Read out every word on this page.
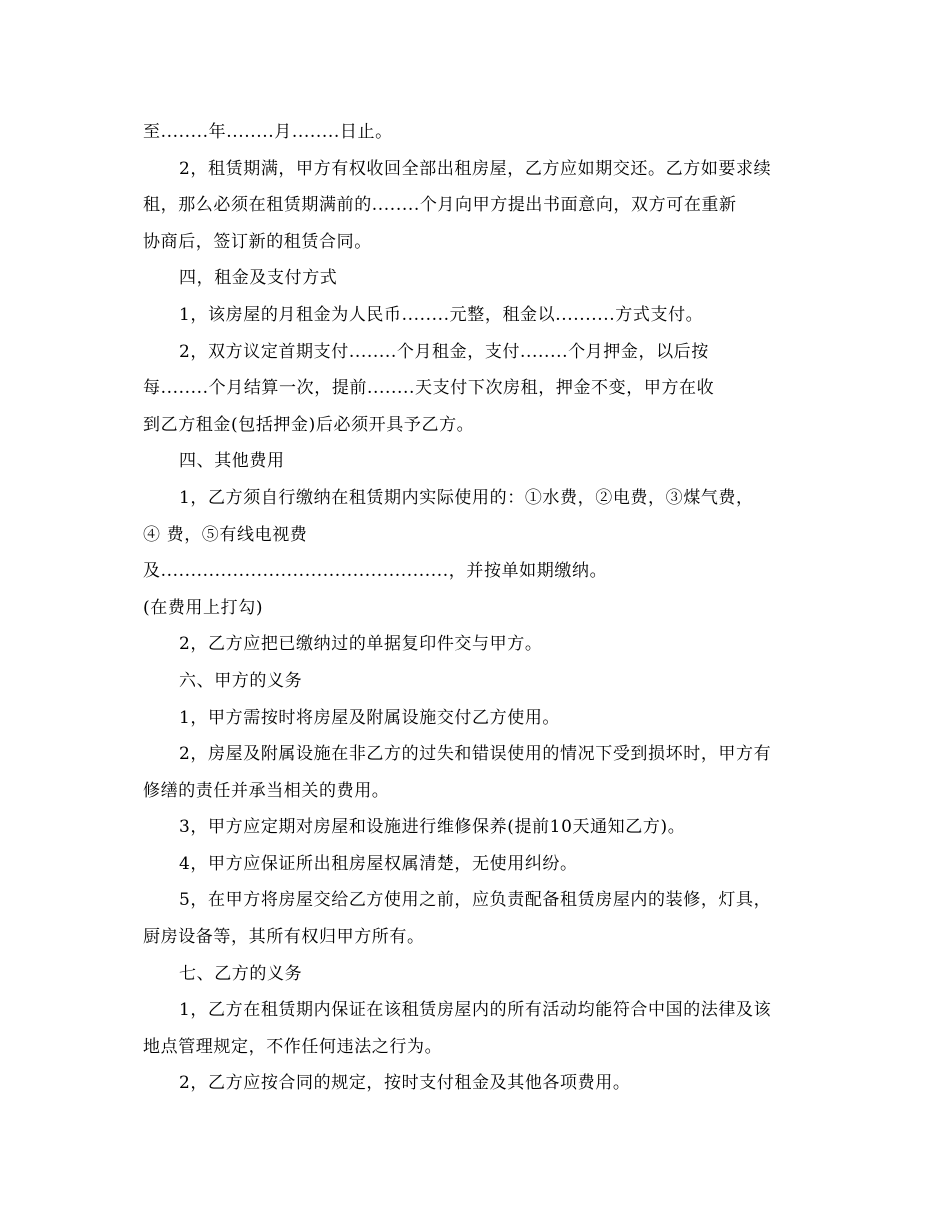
至........年........月........日止。

2，租赁期满，甲方有权收回全部出租房屋，乙方应如期交还。乙方如要求续

租，那么必须在租赁期满前的........个月向甲方提出书面意向，双方可在重新

协商后，签订新的租赁合同。

四，租金及支付方式

1，该房屋的月租金为人民币........元整，租金以..........方式支付。

2，双方议定首期支付........个月租金，支付........个月押金，以后按

每........个月结算一次，提前........天支付下次房租，押金不变，甲方在收

到乙方租金(包括押金)后必须开具予乙方。

四、其他费用

1，乙方须自行缴纳在租赁期内实际使用的：①水费，②电费，③煤气费，

④ 费，⑤有线电视费

及................................................，并按单如期缴纳。

(在费用上打勾)

2，乙方应把已缴纳过的单据复印件交与甲方。

六、甲方的义务

1，甲方需按时将房屋及附属设施交付乙方使用。

2，房屋及附属设施在非乙方的过失和错误使用的情况下受到损坏时，甲方有

修缮的责任并承当相关的费用。

3，甲方应定期对房屋和设施进行维修保养(提前10天通知乙方)。

4，甲方应保证所出租房屋权属清楚，无使用纠纷。

5，在甲方将房屋交给乙方使用之前，应负责配备租赁房屋内的装修，灯具，

厨房设备等，其所有权归甲方所有。

七、乙方的义务

1，乙方在租赁期内保证在该租赁房屋内的所有活动均能符合中国的法律及该

地点管理规定，不作任何违法之行为。

2，乙方应按合同的规定，按时支付租金及其他各项费用。
